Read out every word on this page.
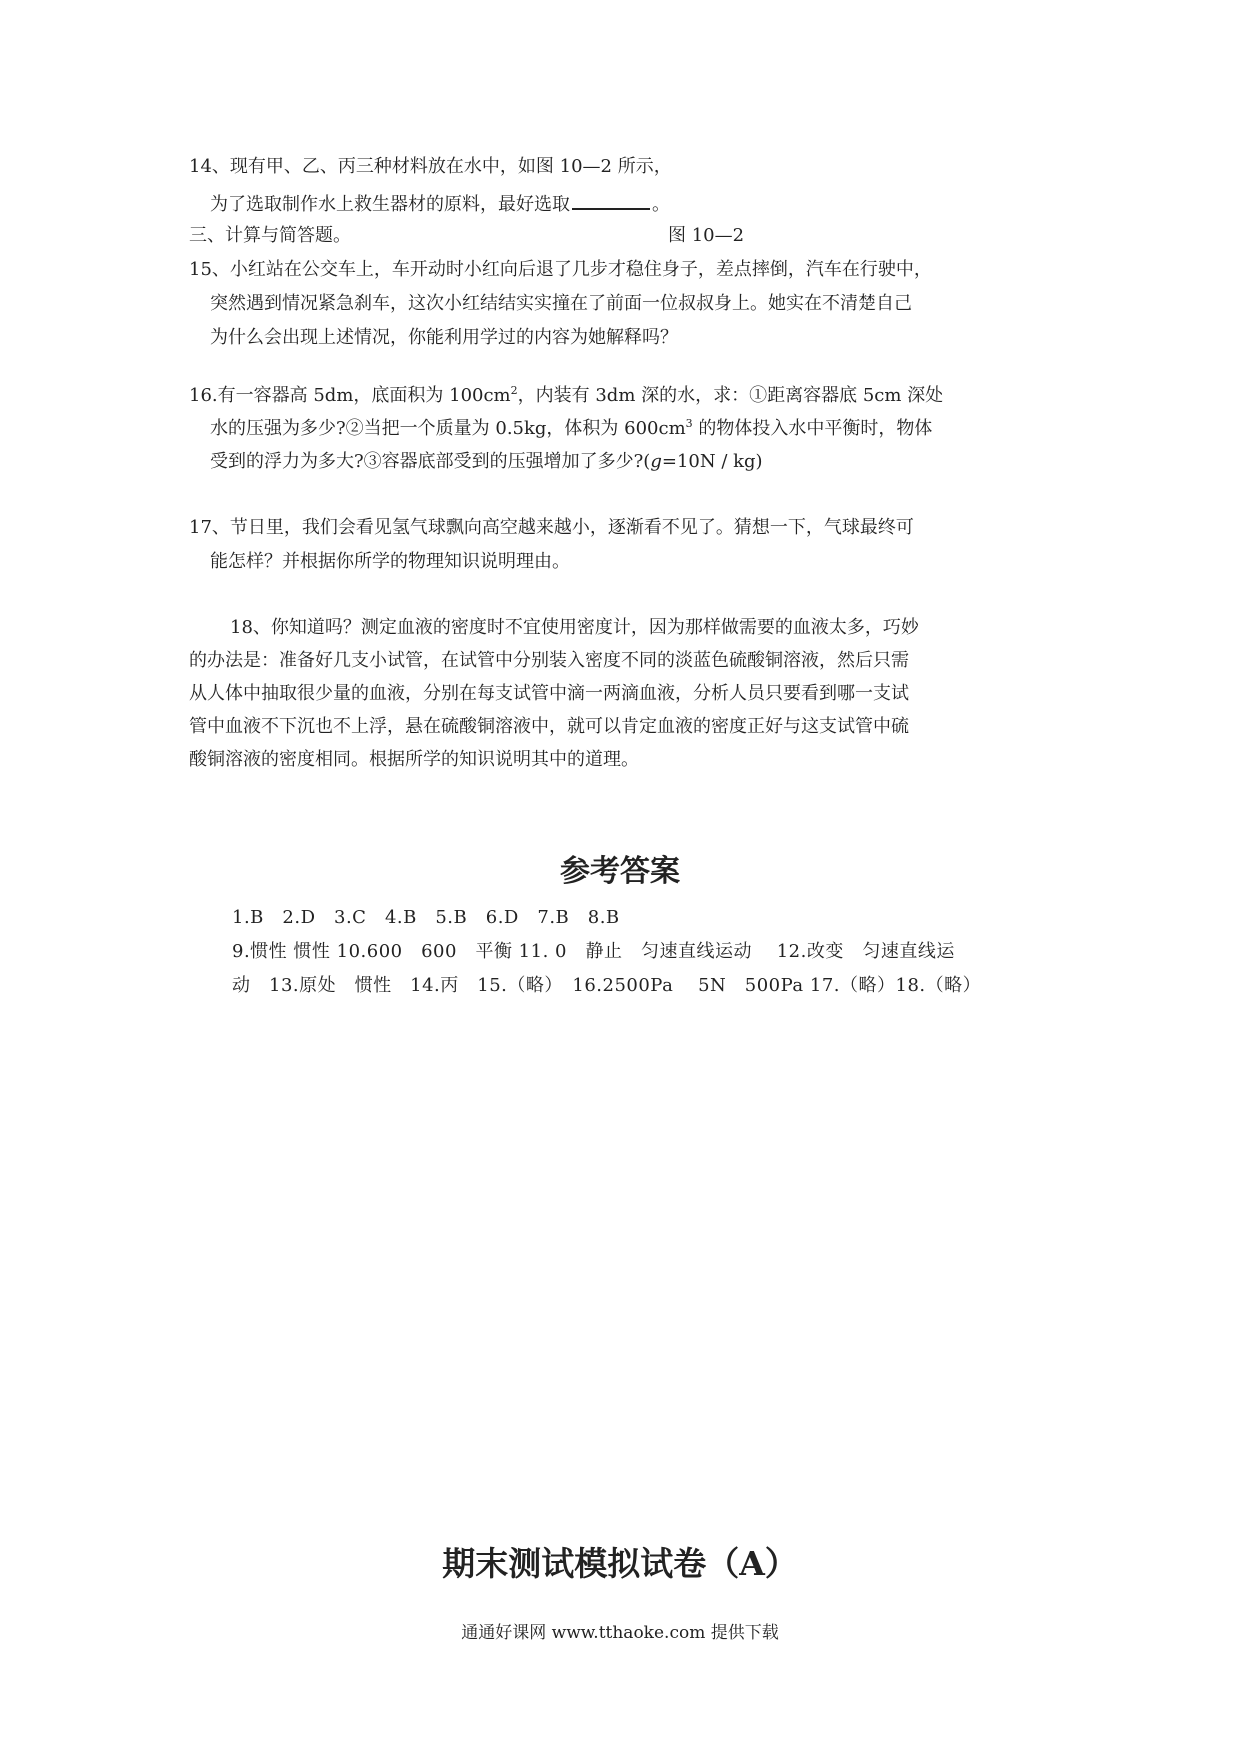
14、现有甲、乙、丙三种材料放在水中，如图 10—2 所示，
为了选取制作水上救生器材的原料，最好选取	。
三、计算与简答题。	图 10—2
15、小红站在公交车上，车开动时小红向后退了几步才稳住身子，差点摔倒，汽车在行驶中，
突然遇到情况紧急刹车，这次小红结结实实撞在了前面一位叔叔身上。她实在不清楚自己
为什么会出现上述情况，你能利用学过的内容为她解释吗？
16.有一容器高 5dm，底面积为 $100cm^2$，内装有 3dm 深的水，求：①距离容器底 5cm 深处
水的压强为多少?②当把一个质量为 0.5kg，体积为 $600cm^3$ 的物体投入水中平衡时，物体
受到的浮力为多大?③容器底部受到的压强增加了多少?(g=10N / kg)
17、节日里，我们会看见氢气球飘向高空越来越小，逐渐看不见了。猜想一下，气球最终可
能怎样？并根据你所学的物理知识说明理由。
18、你知道吗？测定血液的密度时不宜使用密度计，因为那样做需要的血液太多，巧妙
的办法是：准备好几支小试管，在试管中分别装入密度不同的淡蓝色硫酸铜溶液，然后只需
从人体中抽取很少量的血液，分别在每支试管中滴一两滴血液，分析人员只要看到哪一支试
管中血液不下沉也不上浮，悬在硫酸铜溶液中，就可以肯定血液的密度正好与这支试管中硫
酸铜溶液的密度相同。根据所学的知识说明其中的道理。
参考答案
1.B　2.D　3.C　4.B　5.B　6.D　7.B　8.B
9.惯性 惯性 10.600　600　平衡 11. 0　静止　匀速直线运动　 12.改变　匀速直线运
动　13.原处　惯性　14.丙　15.（略）　16.2500Pa　 5N　500Pa 17.（略）18.（略）
期末测试模拟试卷（A）
通通好课网 www.tthaoke.com 提供下载
